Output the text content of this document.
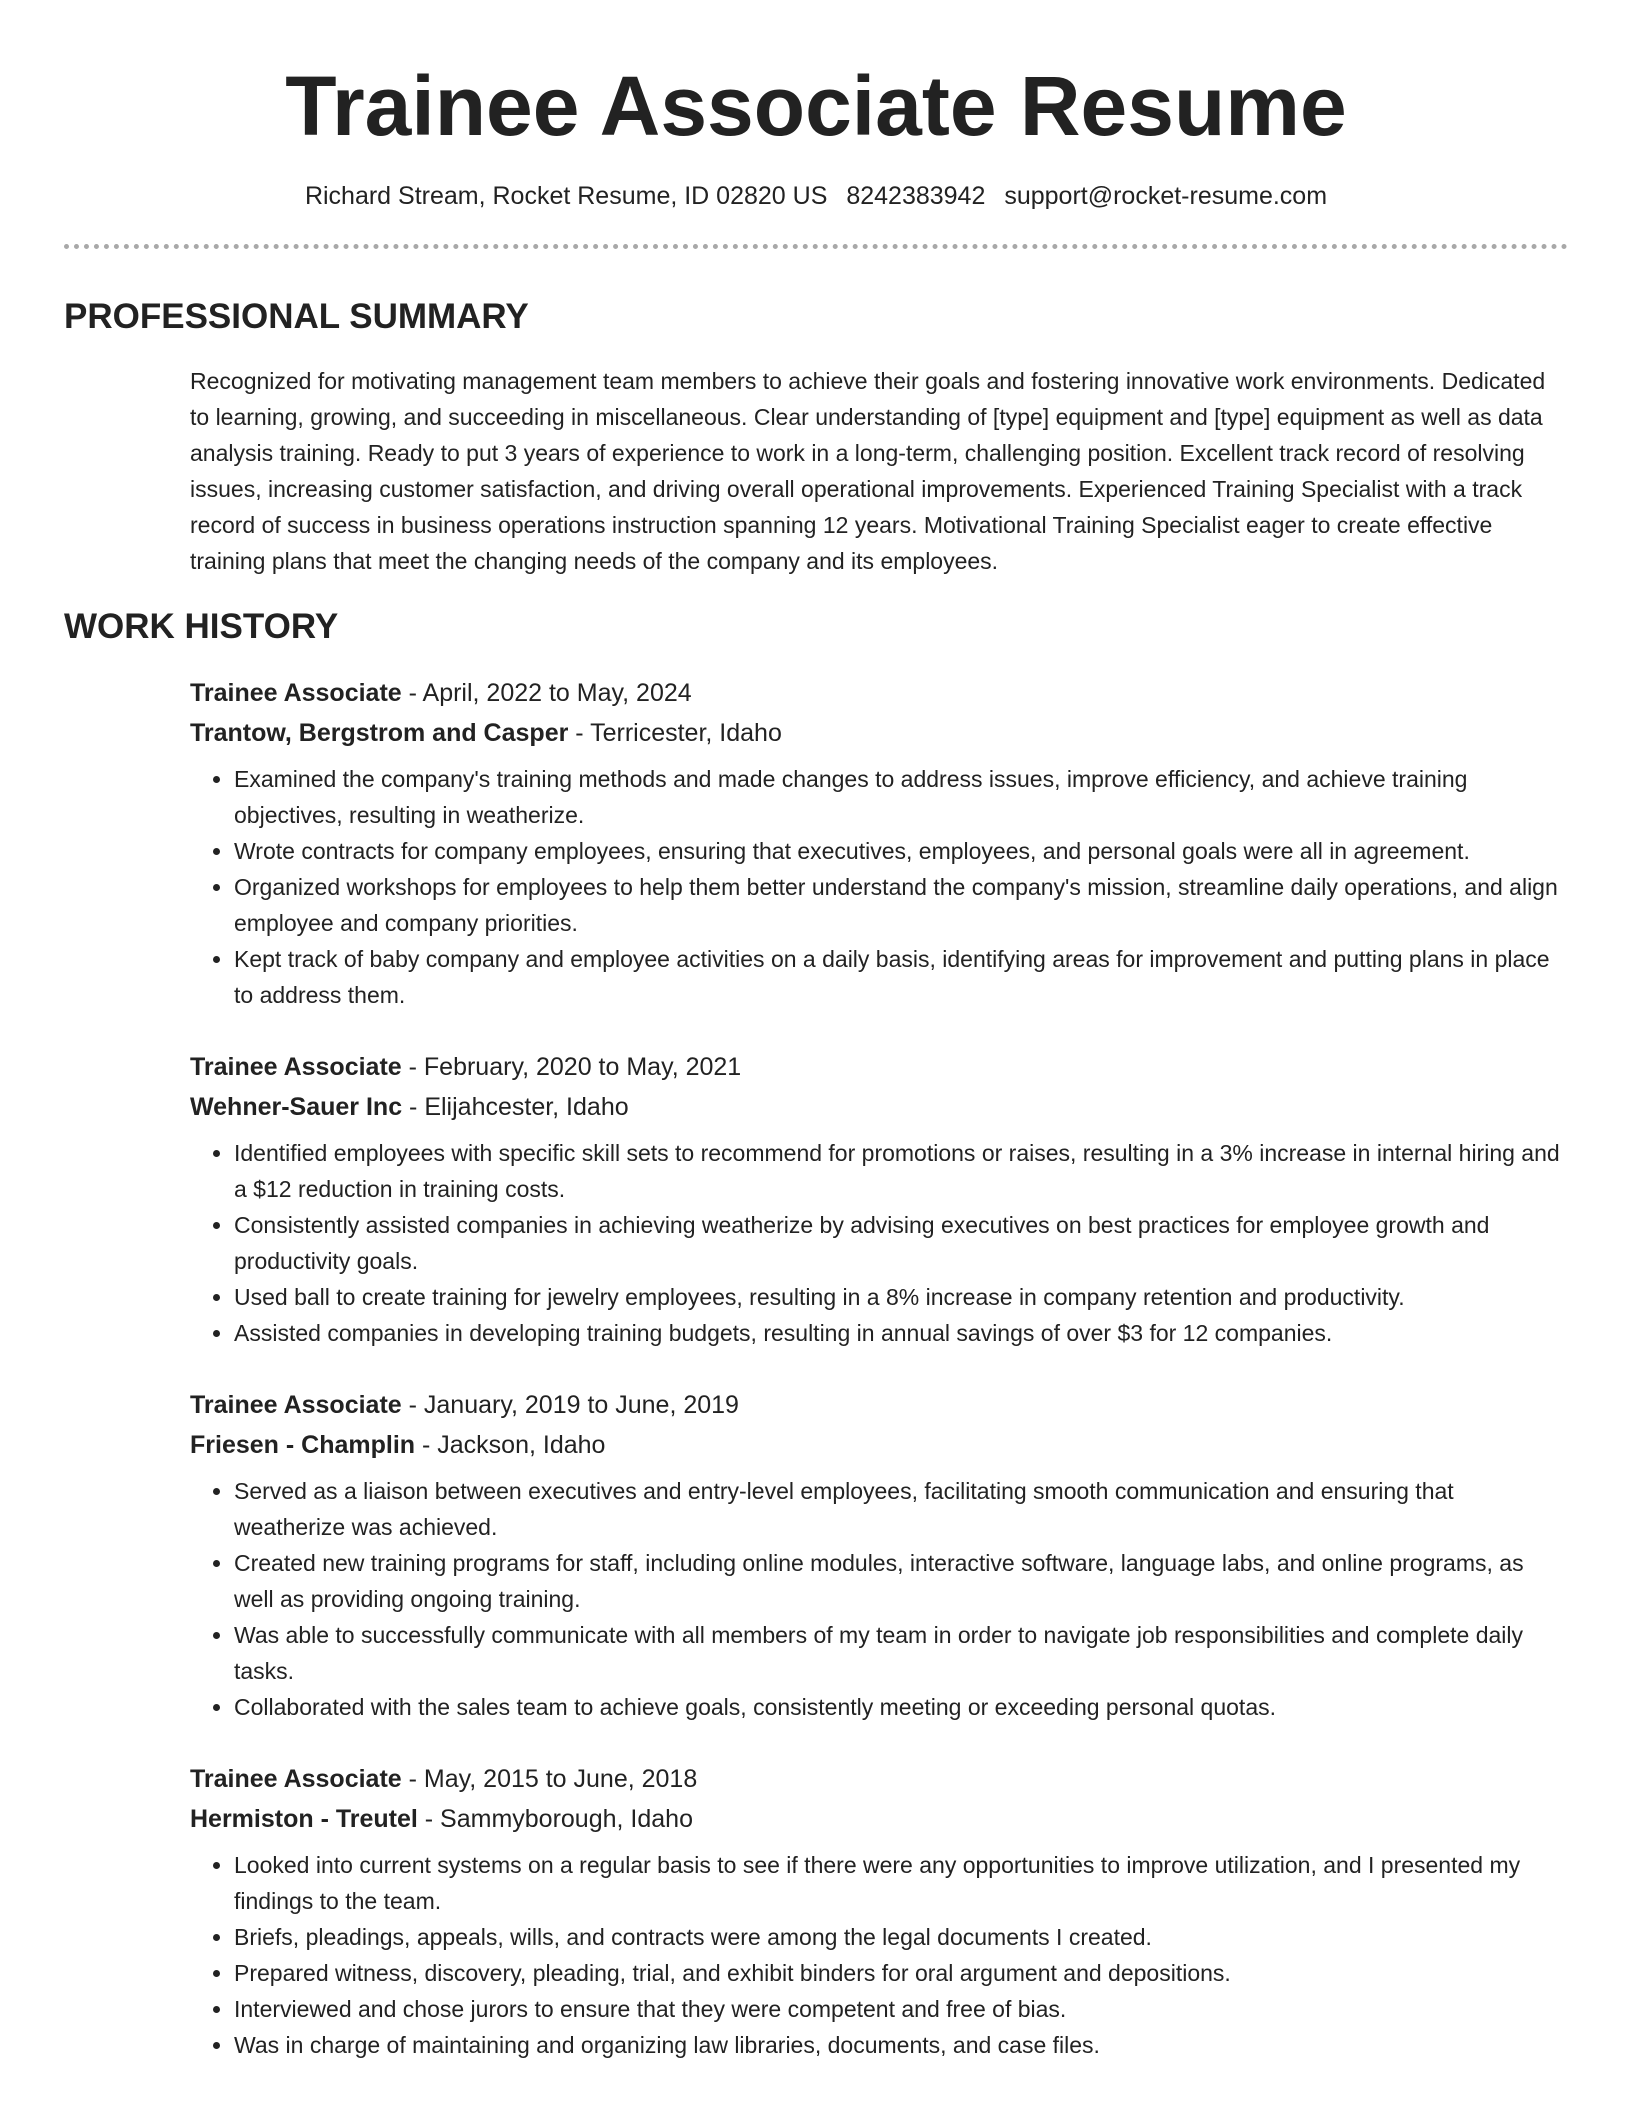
Trainee Associate Resume
Richard Stream, Rocket Resume, ID 02820 US 8242383942 support@rocket-resume.com
PROFESSIONAL SUMMARY

Recognized for motivating management team members to achieve their goals and fostering innovative work environments. Dedicated to learning, growing, and succeeding in miscellaneous. Clear understanding of [type] equipment and [type] equipment as well as data analysis training. Ready to put 3 years of experience to work in a long-term, challenging position. Excellent track record of resolving issues, increasing customer satisfaction, and driving overall operational improvements. Experienced Training Specialist with a track record of success in business operations instruction spanning 12 years. Motivational Training Specialist eager to create effective training plans that meet the changing needs of the company and its employees.

WORK HISTORY
Trainee Associate - April, 2022 to May, 2024
Trantow, Bergstrom and Casper - Terricester, Idaho
• Examined the company's training methods and made changes to address issues, improve efficiency, and achieve training objectives, resulting in weatherize.
• Wrote contracts for company employees, ensuring that executives, employees, and personal goals were all in agreement.
• Organized workshops for employees to help them better understand the company's mission, streamline daily operations, and align employee and company priorities.
• Kept track of baby company and employee activities on a daily basis, identifying areas for improvement and putting plans in place to address them.
Trainee Associate - February, 2020 to May, 2021
Wehner-Sauer Inc - Elijahcester, Idaho
• Identified employees with specific skill sets to recommend for promotions or raises, resulting in a 3% increase in internal hiring and a $12 reduction in training costs.
• Consistently assisted companies in achieving weatherize by advising executives on best practices for employee growth and productivity goals.
• Used ball to create training for jewelry employees, resulting in a 8% increase in company retention and productivity.
• Assisted companies in developing training budgets, resulting in annual savings of over $3 for 12 companies.
Trainee Associate - January, 2019 to June, 2019
Friesen - Champlin - Jackson, Idaho
• Served as a liaison between executives and entry-level employees, facilitating smooth communication and ensuring that weatherize was achieved.
• Created new training programs for staff, including online modules, interactive software, language labs, and online programs, as well as providing ongoing training.
• Was able to successfully communicate with all members of my team in order to navigate job responsibilities and complete daily tasks.
• Collaborated with the sales team to achieve goals, consistently meeting or exceeding personal quotas.
Trainee Associate - May, 2015 to June, 2018
Hermiston - Treutel - Sammyborough, Idaho
• Looked into current systems on a regular basis to see if there were any opportunities to improve utilization, and I presented my findings to the team.
• Briefs, pleadings, appeals, wills, and contracts were among the legal documents I created.
• Prepared witness, discovery, pleading, trial, and exhibit binders for oral argument and depositions.
• Interviewed and chose jurors to ensure that they were competent and free of bias.
• Was in charge of maintaining and organizing law libraries, documents, and case files.
